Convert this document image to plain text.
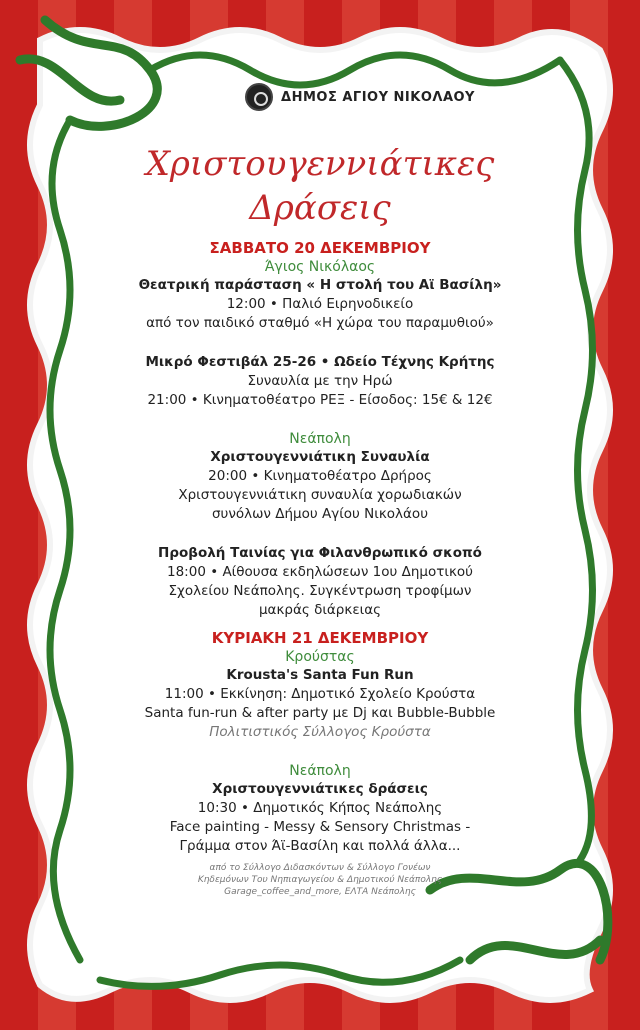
ΔΗΜΟΣ ΑΓΙΟΥ ΝΙΚΟΛΑΟΥ
Χριστουγεννιάτικες
Δράσεις
ΣΑΒΒΑΤΟ 20 ΔΕΚΕΜΒΡΙΟΥ
Άγιος Νικόλαος
Θεατρική παράσταση « Η στολή του Αϊ Βασίλη»
12:00 • Παλιό Ειρηνοδικείο
από τον παιδικό σταθμό «Η χώρα του παραμυθιού»
Μικρό Φεστιβάλ 25-26 • Ωδείο Τέχνης Κρήτης
Συναυλία με την Ηρώ
21:00 • Κινηματοθέατρο ΡΕΞ - Είσοδος: 15€ & 12€
Νεάπολη
Χριστουγεννιάτικη Συναυλία
20:00 • Κινηματοθέατρο Δρήρος
Χριστουγεννιάτικη συναυλία χορωδιακών
συνόλων Δήμου Αγίου Νικολάου
Προβολή Ταινίας για Φιλανθρωπικό σκοπό
18:00 • Αίθουσα εκδηλώσεων 1ου Δημοτικού
Σχολείου Νεάπολης. Συγκέντρωση τροφίμων
μακράς διάρκειας
ΚΥΡΙΑΚΗ 21 ΔΕΚΕΜΒΡΙΟΥ
Κρούστας
Krousta's Santa Fun Run
11:00 • Εκκίνηση: Δημοτικό Σχολείο Κρούστα
Santa fun-run & after party με Dj και Bubble-Bubble
Πολιτιστικός Σύλλογος Κρούστα
Νεάπολη
Χριστουγεννιάτικες δράσεις
10:30 • Δημοτικός Κήπος Νεάπολης
Face painting - Messy & Sensory Christmas -
Γράμμα στον Άϊ-Βασίλη και πολλά άλλα...
από το Σύλλογο Διδασκόντων & Σύλλογο Γονέων
Κηδεμόνων Του Νηπιαγωγείου & Δημοτικού Νεάπολης
Garage_coffee_and_more, ΕΛΤΑ Νεάπολης
